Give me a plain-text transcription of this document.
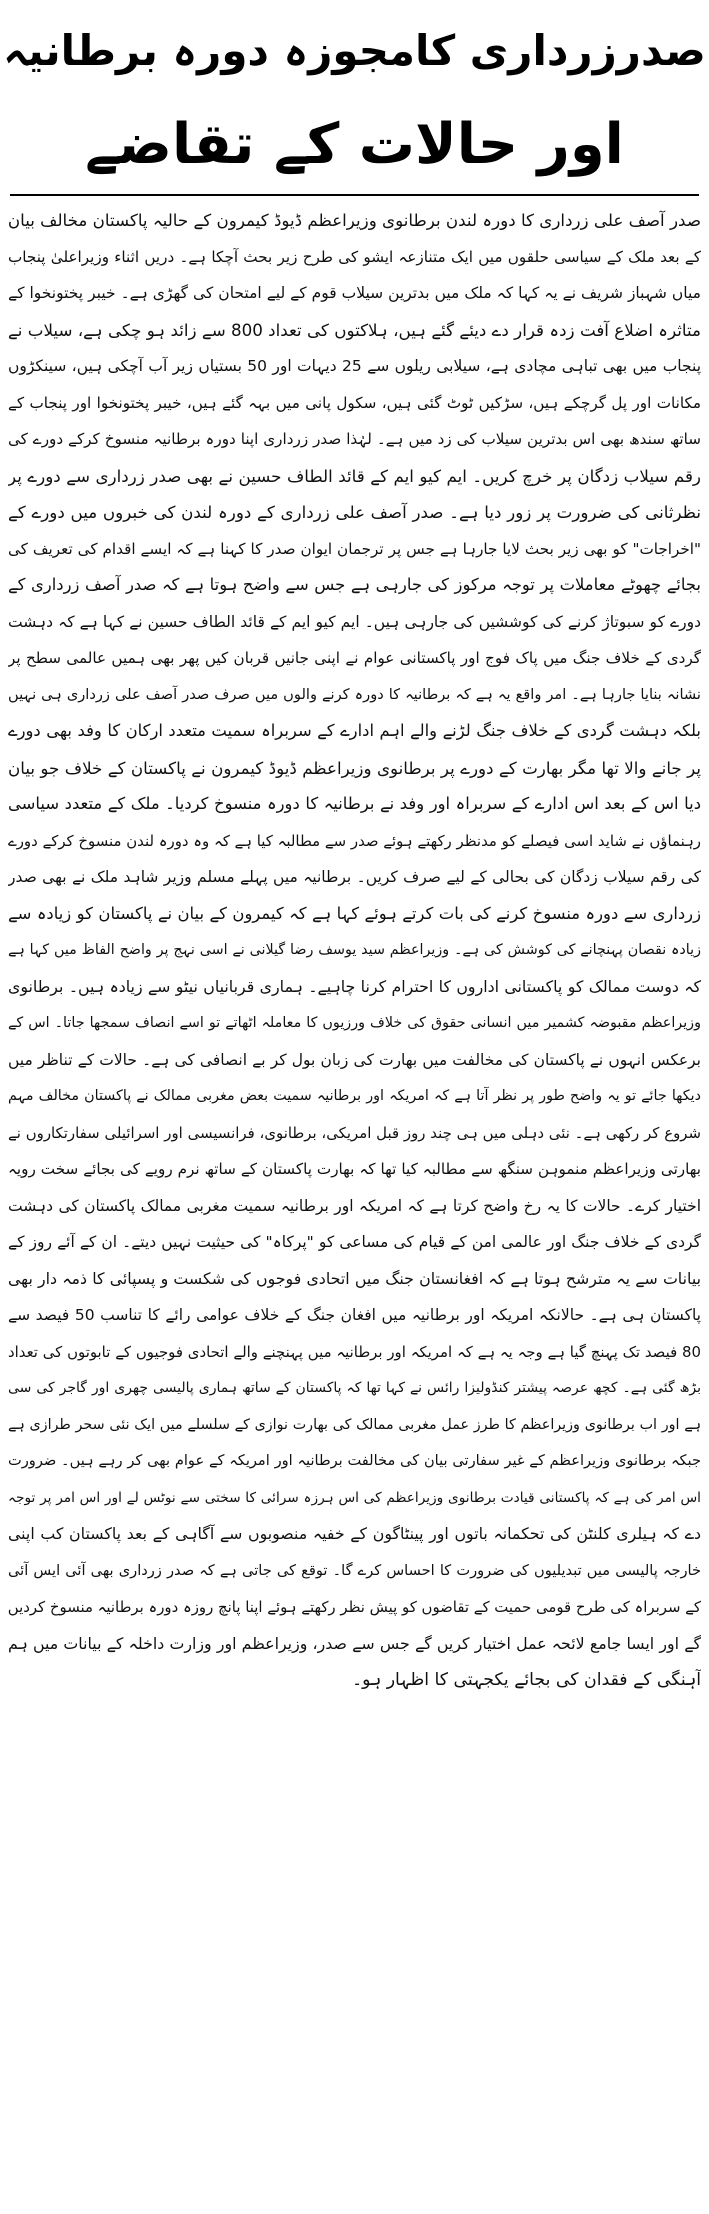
صدرزرداری کامجوزہ دورہ برطانیہ
اور حالات کے تقاضے
صدر آصف علی زرداری کا دورہ لندن برطانوی وزیراعظم ڈیوڈ کیمرون کے حالیہ پاکستان مخالف بیان
کے بعد ملک کے سیاسی حلقوں میں ایک متنازعہ ایشو کی طرح زیر بحث آچکا ہے۔ دریں اثناء وزیراعلیٰ پنجاب
میاں شہباز شریف نے یہ کہا کہ ملک میں بدترین سیلاب قوم کے لیے امتحان کی گھڑی ہے۔ خیبر پختونخوا کے
متاثرہ اضلاع آفت زدہ قرار دے دیئے گئے ہیں، ہلاکتوں کی تعداد 800 سے زائد ہو چکی ہے، سیلاب نے
پنجاب میں بھی تباہی مچادی ہے، سیلابی ریلوں سے 25 دیہات اور 50 بستیاں زیر آب آچکی ہیں، سینکڑوں
مکانات اور پل گرچکے ہیں، سڑکیں ٹوٹ گئی ہیں، سکول پانی میں بہہ گئے ہیں، خیبر پختونخوا اور پنجاب کے
ساتھ سندھ بھی اس بدترین سیلاب کی زد میں ہے۔ لہٰذا صدر زرداری اپنا دورہ برطانیہ منسوخ کرکے دورے کی
رقم سیلاب زدگان پر خرچ کریں۔ ایم کیو ایم کے قائد الطاف حسین نے بھی صدر زرداری سے دورے پر
نظرثانی کی ضرورت پر زور دیا ہے۔ صدر آصف علی زرداری کے دورہ لندن کی خبروں میں دورے کے
"اخراجات" کو بھی زیر بحث لایا جارہا ہے جس پر ترجمان ایوان صدر کا کہنا ہے کہ ایسے اقدام کی تعریف کی
بجائے چھوٹے معاملات پر توجہ مرکوز کی جارہی ہے جس سے واضح ہوتا ہے کہ صدر آصف زرداری کے
دورے کو سبوتاژ کرنے کی کوششیں کی جارہی ہیں۔ ایم کیو ایم کے قائد الطاف حسین نے کہا ہے کہ دہشت
گردی کے خلاف جنگ میں پاک فوج اور پاکستانی عوام نے اپنی جانیں قربان کیں پھر بھی ہمیں عالمی سطح پر
نشانہ بنایا جارہا ہے۔ امر واقع یہ ہے کہ برطانیہ کا دورہ کرنے والوں میں صرف صدر آصف علی زرداری ہی نہیں
بلکہ دہشت گردی کے خلاف جنگ لڑنے والے اہم ادارے کے سربراہ سمیت متعدد ارکان کا وفد بھی دورے
پر جانے والا تھا مگر بھارت کے دورے پر برطانوی وزیراعظم ڈیوڈ کیمرون نے پاکستان کے خلاف جو بیان
دیا اس کے بعد اس ادارے کے سربراہ اور وفد نے برطانیہ کا دورہ منسوخ کردیا۔ ملک کے متعدد سیاسی
رہنماؤں نے شاید اسی فیصلے کو مدنظر رکھتے ہوئے صدر سے مطالبہ کیا ہے کہ وہ دورہ لندن منسوخ کرکے دورے
کی رقم سیلاب زدگان کی بحالی کے لیے صرف کریں۔ برطانیہ میں پہلے مسلم وزیر شاہد ملک نے بھی صدر
زرداری سے دورہ منسوخ کرنے کی بات کرتے ہوئے کہا ہے کہ کیمرون کے بیان نے پاکستان کو زیادہ سے
زیادہ نقصان پہنچانے کی کوشش کی ہے۔ وزیراعظم سید یوسف رضا گیلانی نے اسی نہج پر واضح الفاظ میں کہا ہے
کہ دوست ممالک کو پاکستانی اداروں کا احترام کرنا چاہیے۔ ہماری قربانیاں نیٹو سے زیادہ ہیں۔ برطانوی
وزیراعظم مقبوضہ کشمیر میں انسانی حقوق کی خلاف ورزیوں کا معاملہ اٹھاتے تو اسے انصاف سمجھا جاتا۔ اس کے
برعکس انہوں نے پاکستان کی مخالفت میں بھارت کی زبان بول کر بے انصافی کی ہے۔ حالات کے تناظر میں
دیکھا جائے تو یہ واضح طور پر نظر آتا ہے کہ امریکہ اور برطانیہ سمیت بعض مغربی ممالک نے پاکستان مخالف مہم
شروع کر رکھی ہے۔ نئی دہلی میں ہی چند روز قبل امریکی، برطانوی، فرانسیسی اور اسرائیلی سفارتکاروں نے
بھارتی وزیراعظم منموہن سنگھ سے مطالبہ کیا تھا کہ بھارت پاکستان کے ساتھ نرم رویے کی بجائے سخت رویہ
اختیار کرے۔ حالات کا یہ رخ واضح کرتا ہے کہ امریکہ اور برطانیہ سمیت مغربی ممالک پاکستان کی دہشت
گردی کے خلاف جنگ اور عالمی امن کے قیام کی مساعی کو "پرکاہ" کی حیثیت نہیں دیتے۔ ان کے آئے روز کے
بیانات سے یہ مترشح ہوتا ہے کہ افغانستان جنگ میں اتحادی فوجوں کی شکست و پسپائی کا ذمہ دار بھی
پاکستان ہی ہے۔ حالانکہ امریکہ اور برطانیہ میں افغان جنگ کے خلاف عوامی رائے کا تناسب 50 فیصد سے
80 فیصد تک پہنچ گیا ہے وجہ یہ ہے کہ امریکہ اور برطانیہ میں پہنچنے والے اتحادی فوجیوں کے تابوتوں کی تعداد
بڑھ گئی ہے۔ کچھ عرصہ پیشتر کنڈولیزا رائس نے کہا تھا کہ پاکستان کے ساتھ ہماری پالیسی چھری اور گاجر کی سی
ہے اور اب برطانوی وزیراعظم کا طرز عمل مغربی ممالک کی بھارت نوازی کے سلسلے میں ایک نئی سحر طرازی ہے
جبکہ برطانوی وزیراعظم کے غیر سفارتی بیان کی مخالفت برطانیہ اور امریکہ کے عوام بھی کر رہے ہیں۔ ضرورت
اس امر کی ہے کہ پاکستانی قیادت برطانوی وزیراعظم کی اس ہرزہ سرائی کا سختی سے نوٹس لے اور اس امر پر توجہ
دے کہ ہیلری کلنٹن کی تحکمانہ باتوں اور پینٹاگون کے خفیہ منصوبوں سے آگاہی کے بعد پاکستان کب اپنی
خارجہ پالیسی میں تبدیلیوں کی ضرورت کا احساس کرے گا۔ توقع کی جاتی ہے کہ صدر زرداری بھی آئی ایس آئی
کے سربراہ کی طرح قومی حمیت کے تقاضوں کو پیش نظر رکھتے ہوئے اپنا پانچ روزہ دورہ برطانیہ منسوخ کردیں
گے اور ایسا جامع لائحہ عمل اختیار کریں گے جس سے صدر، وزیراعظم اور وزارت داخلہ کے بیانات میں ہم
آہنگی کے فقدان کی بجائے یکجہتی کا اظہار ہو۔
